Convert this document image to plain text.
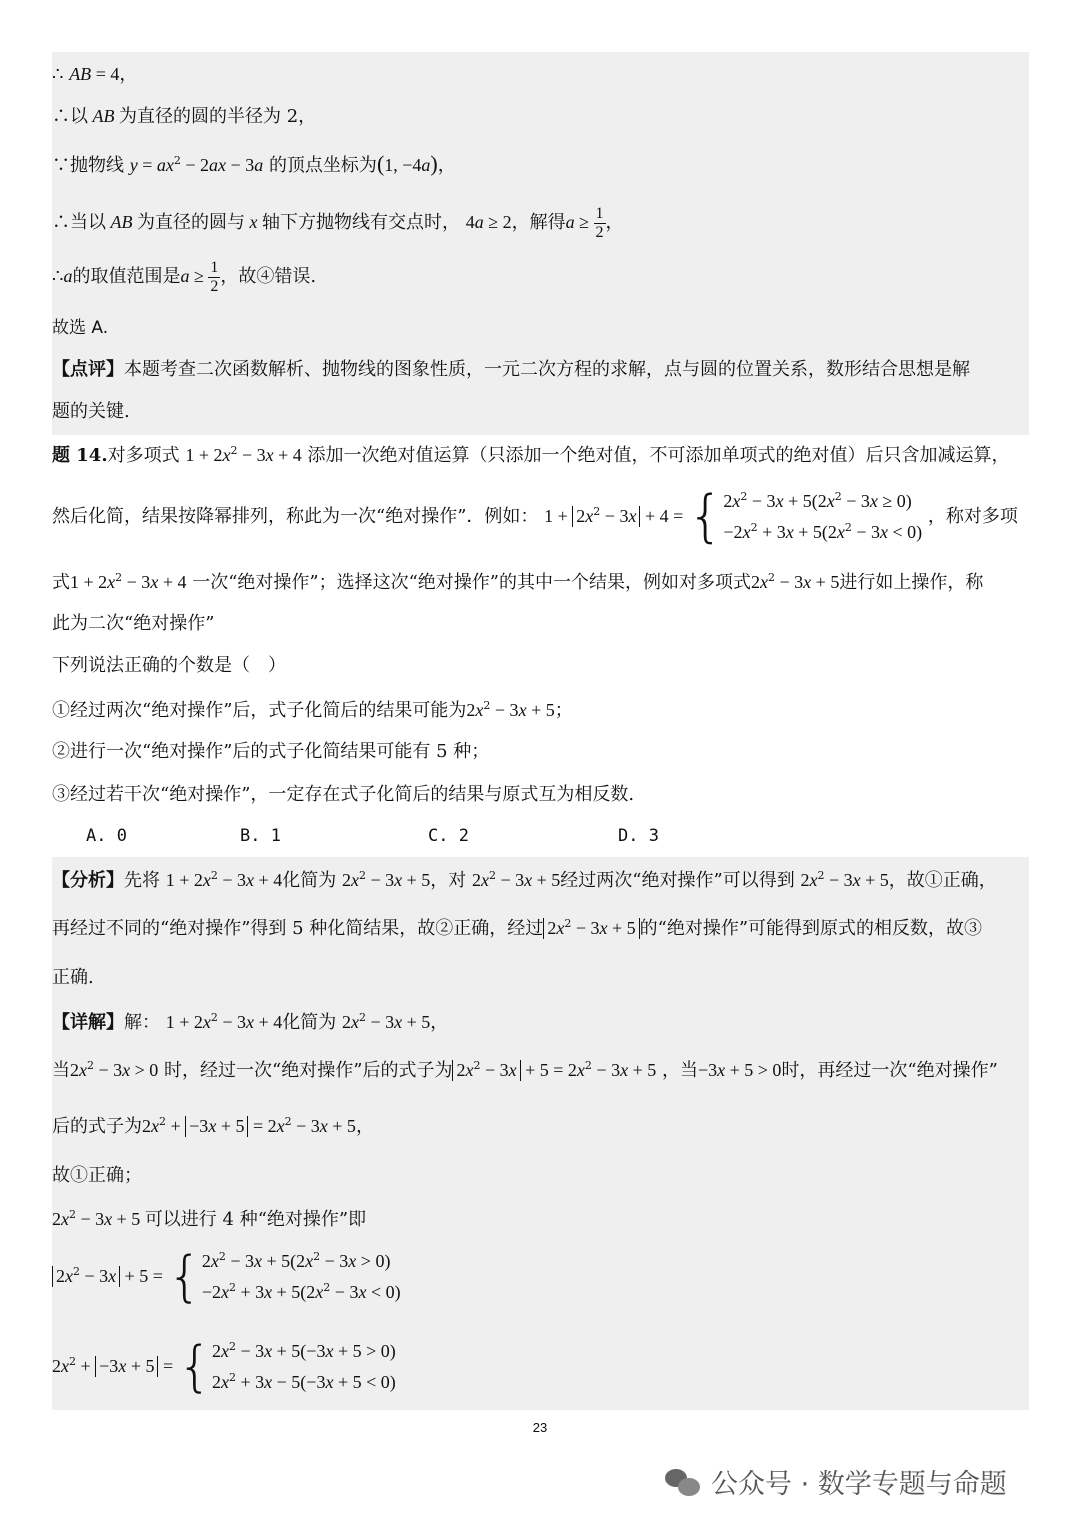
∴ AB = 4，
∴以 AB 为直径的圆的半径为 2，
∵抛物线 $y = ax^2 - 2ax - 3a$ 的顶点坐标为(1, −4a)，
∴当以 AB 为直径的圆与 x 轴下方抛物线有交点时， 4a ≥ 2，解得$a \ge \frac{1}{2}$ ，
∴a的取值范围是$a \ge \frac{1}{2}$ ，故④错误.
故选 A.
【点评】本题考查二次函数解析、抛物线的图象性质，一元二次方程的求解，点与圆的位置关系，数形结合思想是解
题的关键.
题 14.对多项式 $1 + 2x^2 - 3x + 4$ 添加一次绝对值运算（只添加一个绝对值，不可添加单项式的绝对值）后只含加减运算，
然后化简，结果按降幂排列，称此为一次“绝对操作”．例如： $1 + 2x^2 - 3x + 4$ = { $2x^2 - 3x + 5(2x^2 - 3x \ge 0)$
$-2x^2 + 3x + 5(2x^2 - 3x < 0)$
，称对多项
式$1 + 2x^2 - 3x + 4$ 一次“绝对操作”；选择这次“绝对操作”的其中一个结果，例如对多项式$2x^2 - 3x + 5$进行如上操作，称
此为二次“绝对操作”
下列说法正确的个数是（　）
①经过两次“绝对操作”后，式子化简后的结果可能为$2x^2 - 3x + 5$；
②进行一次“绝对操作”后的式子化简结果可能有 5 种；
③经过若干次“绝对操作”，一定存在式子化简后的结果与原式互为相反数.
A. 0	B. 1	C. 2	D. 3
【分析】先将 $1 + 2x^2 - 3x + 4$化简为 $2x^2 - 3x + 5$，对 $2x^2 - 3x + 5$经过两次“绝对操作”可以得到 $2x^2 - 3x + 5$，故①正确，
再经过不同的“绝对操作”得到 5 种化简结果，故②正确，经过 $2x^2 - 3x + 5$ 的“绝对操作”可能得到原式的相反数，故③
正确.
【详解】解： $1 + 2x^2 - 3x + 4$化简为 $2x^2 - 3x + 5$，
当$2x^2 - 3x > 0$ 时，经过一次“绝对操作”后的式子为 $2x^2 - 3x + 5 = 2x^2 - 3x + 5$ ，当−3x + 5 > 0时，再经过一次“绝对操作”
后的式子为$2x^2 + -3x + 5 = 2x^2 - 3x + 5$，
故①正确；
$2x^2 - 3x + 5$ 可以进行 4 种“绝对操作”即
$2x^2 - 3x + 5$ = { $2x^2 - 3x + 5(2x^2 - 3x > 0)$
$-2x^2 + 3x + 5(2x^2 - 3x < 0)$
$2x^2 + -3x + 5$ = { $2x^2 - 3x + 5(-3x + 5 > 0)$
$2x^2 + 3x - 5(-3x + 5 < 0)$
23
公众号 · 数学专题与命题
